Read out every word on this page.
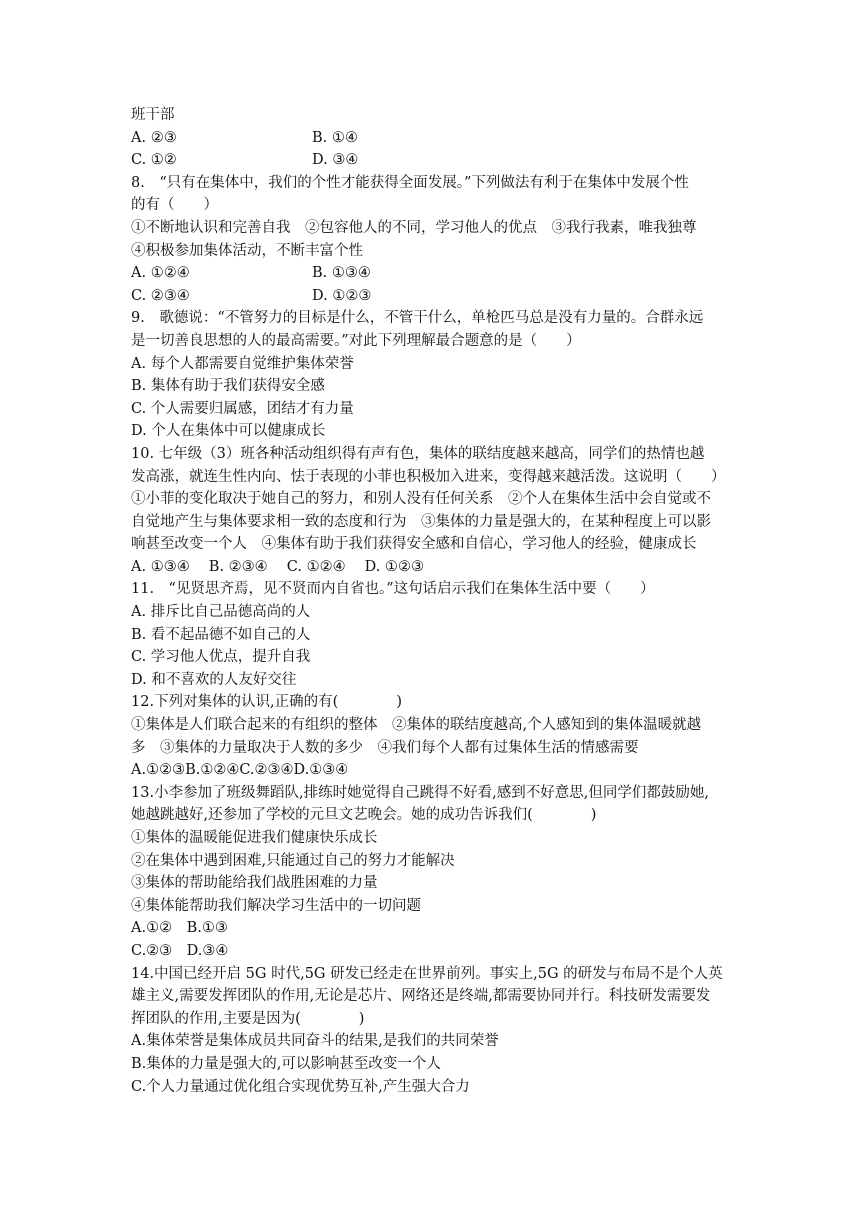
班干部
A. ②③	B. ①④
C. ①②	D. ③④
8.　“只有在集体中，我们的个性才能获得全面发展。”下列做法有利于在集体中发展个性
的有（　　）
①不断地认识和完善自我　②包容他人的不同，学习他人的优点　③我行我素，唯我独尊
④积极参加集体活动，不断丰富个性
A. ①②④	B. ①③④
C. ②③④	D. ①②③
9.　歌德说：“不管努力的目标是什么，不管干什么，单枪匹马总是没有力量的。合群永远
是一切善良思想的人的最高需要。”对此下列理解最合题意的是（　　）
A. 每个人都需要自觉维护集体荣誉
B. 集体有助于我们获得安全感
C. 个人需要归属感，团结才有力量
D. 个人在集体中可以健康成长
10. 七年级（3）班各种活动组织得有声有色，集体的联结度越来越高，同学们的热情也越
发高涨，就连生性内向、怯于表现的小菲也积极加入进来，变得越来越活泼。这说明（　　）
①小菲的变化取决于她自己的努力，和别人没有任何关系　②个人在集体生活中会自觉或不
自觉地产生与集体要求相一致的态度和行为　③集体的力量是强大的，在某种程度上可以影
响甚至改变一个人　④集体有助于我们获得安全感和自信心，学习他人的经验，健康成长
A. ①③④　 B. ②③④　 C. ①②④　 D. ①②③
11.　“见贤思齐焉，见不贤而内自省也。”这句话启示我们在集体生活中要（　　）
A. 排斥比自己品德高尚的人
B. 看不起品德不如自己的人
C. 学习他人优点，提升自我
D. 和不喜欢的人友好交往
12.下列对集体的认识,正确的有(　　　　)
①集体是人们联合起来的有组织的整体　②集体的联结度越高,个人感知到的集体温暖就越
多　③集体的力量取决于人数的多少　④我们每个人都有过集体生活的情感需要
A.①②③B.①②④C.②③④D.①③④
13.小李参加了班级舞蹈队,排练时她觉得自己跳得不好看,感到不好意思,但同学们都鼓励她,
她越跳越好,还参加了学校的元旦文艺晚会。她的成功告诉我们(　　　　)
①集体的温暖能促进我们健康快乐成长
②在集体中遇到困难,只能通过自己的努力才能解决
③集体的帮助能给我们战胜困难的力量
④集体能帮助我们解决学习生活中的一切问题
A.①②　B.①③
C.②③　D.③④
14.中国已经开启 5G 时代,5G 研发已经走在世界前列。事实上,5G 的研发与布局不是个人英
雄主义,需要发挥团队的作用,无论是芯片、网络还是终端,都需要协同并行。科技研发需要发
挥团队的作用,主要是因为(　　　　)
A.集体荣誉是集体成员共同奋斗的结果,是我们的共同荣誉
B.集体的力量是强大的,可以影响甚至改变一个人
C.个人力量通过优化组合实现优势互补,产生强大合力
